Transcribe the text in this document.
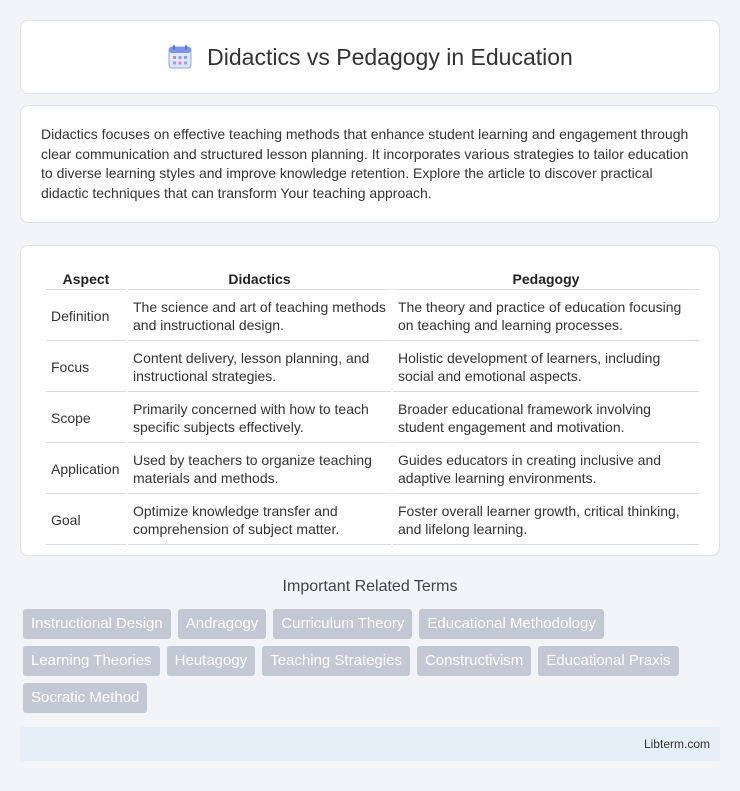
Didactics vs Pedagogy in Education

Didactics focuses on effective teaching methods that enhance student learning and engagement through clear communication and structured lesson planning. It incorporates various strategies to tailor education to diverse learning styles and improve knowledge retention. Explore the article to discover practical didactic techniques that can transform Your teaching approach.

Aspect	Didactics	Pedagogy
Definition	The science and art of teaching methods and instructional design.	The theory and practice of education focusing on teaching and learning processes.
Focus	Content delivery, lesson planning, and instructional strategies.	Holistic development of learners, including social and emotional aspects.
Scope	Primarily concerned with how to teach specific subjects effectively.	Broader educational framework involving student engagement and motivation.
Application	Used by teachers to organize teaching materials and methods.	Guides educators in creating inclusive and adaptive learning environments.
Goal	Optimize knowledge transfer and comprehension of subject matter.	Foster overall learner growth, critical thinking, and lifelong learning.
Important Related Terms
Instructional Design	Andragogy	Curriculum Theory	Educational Methodology
Learning Theories	Heutagogy	Teaching Strategies	Constructivism	Educational Praxis
Socratic Method
Libterm.com
